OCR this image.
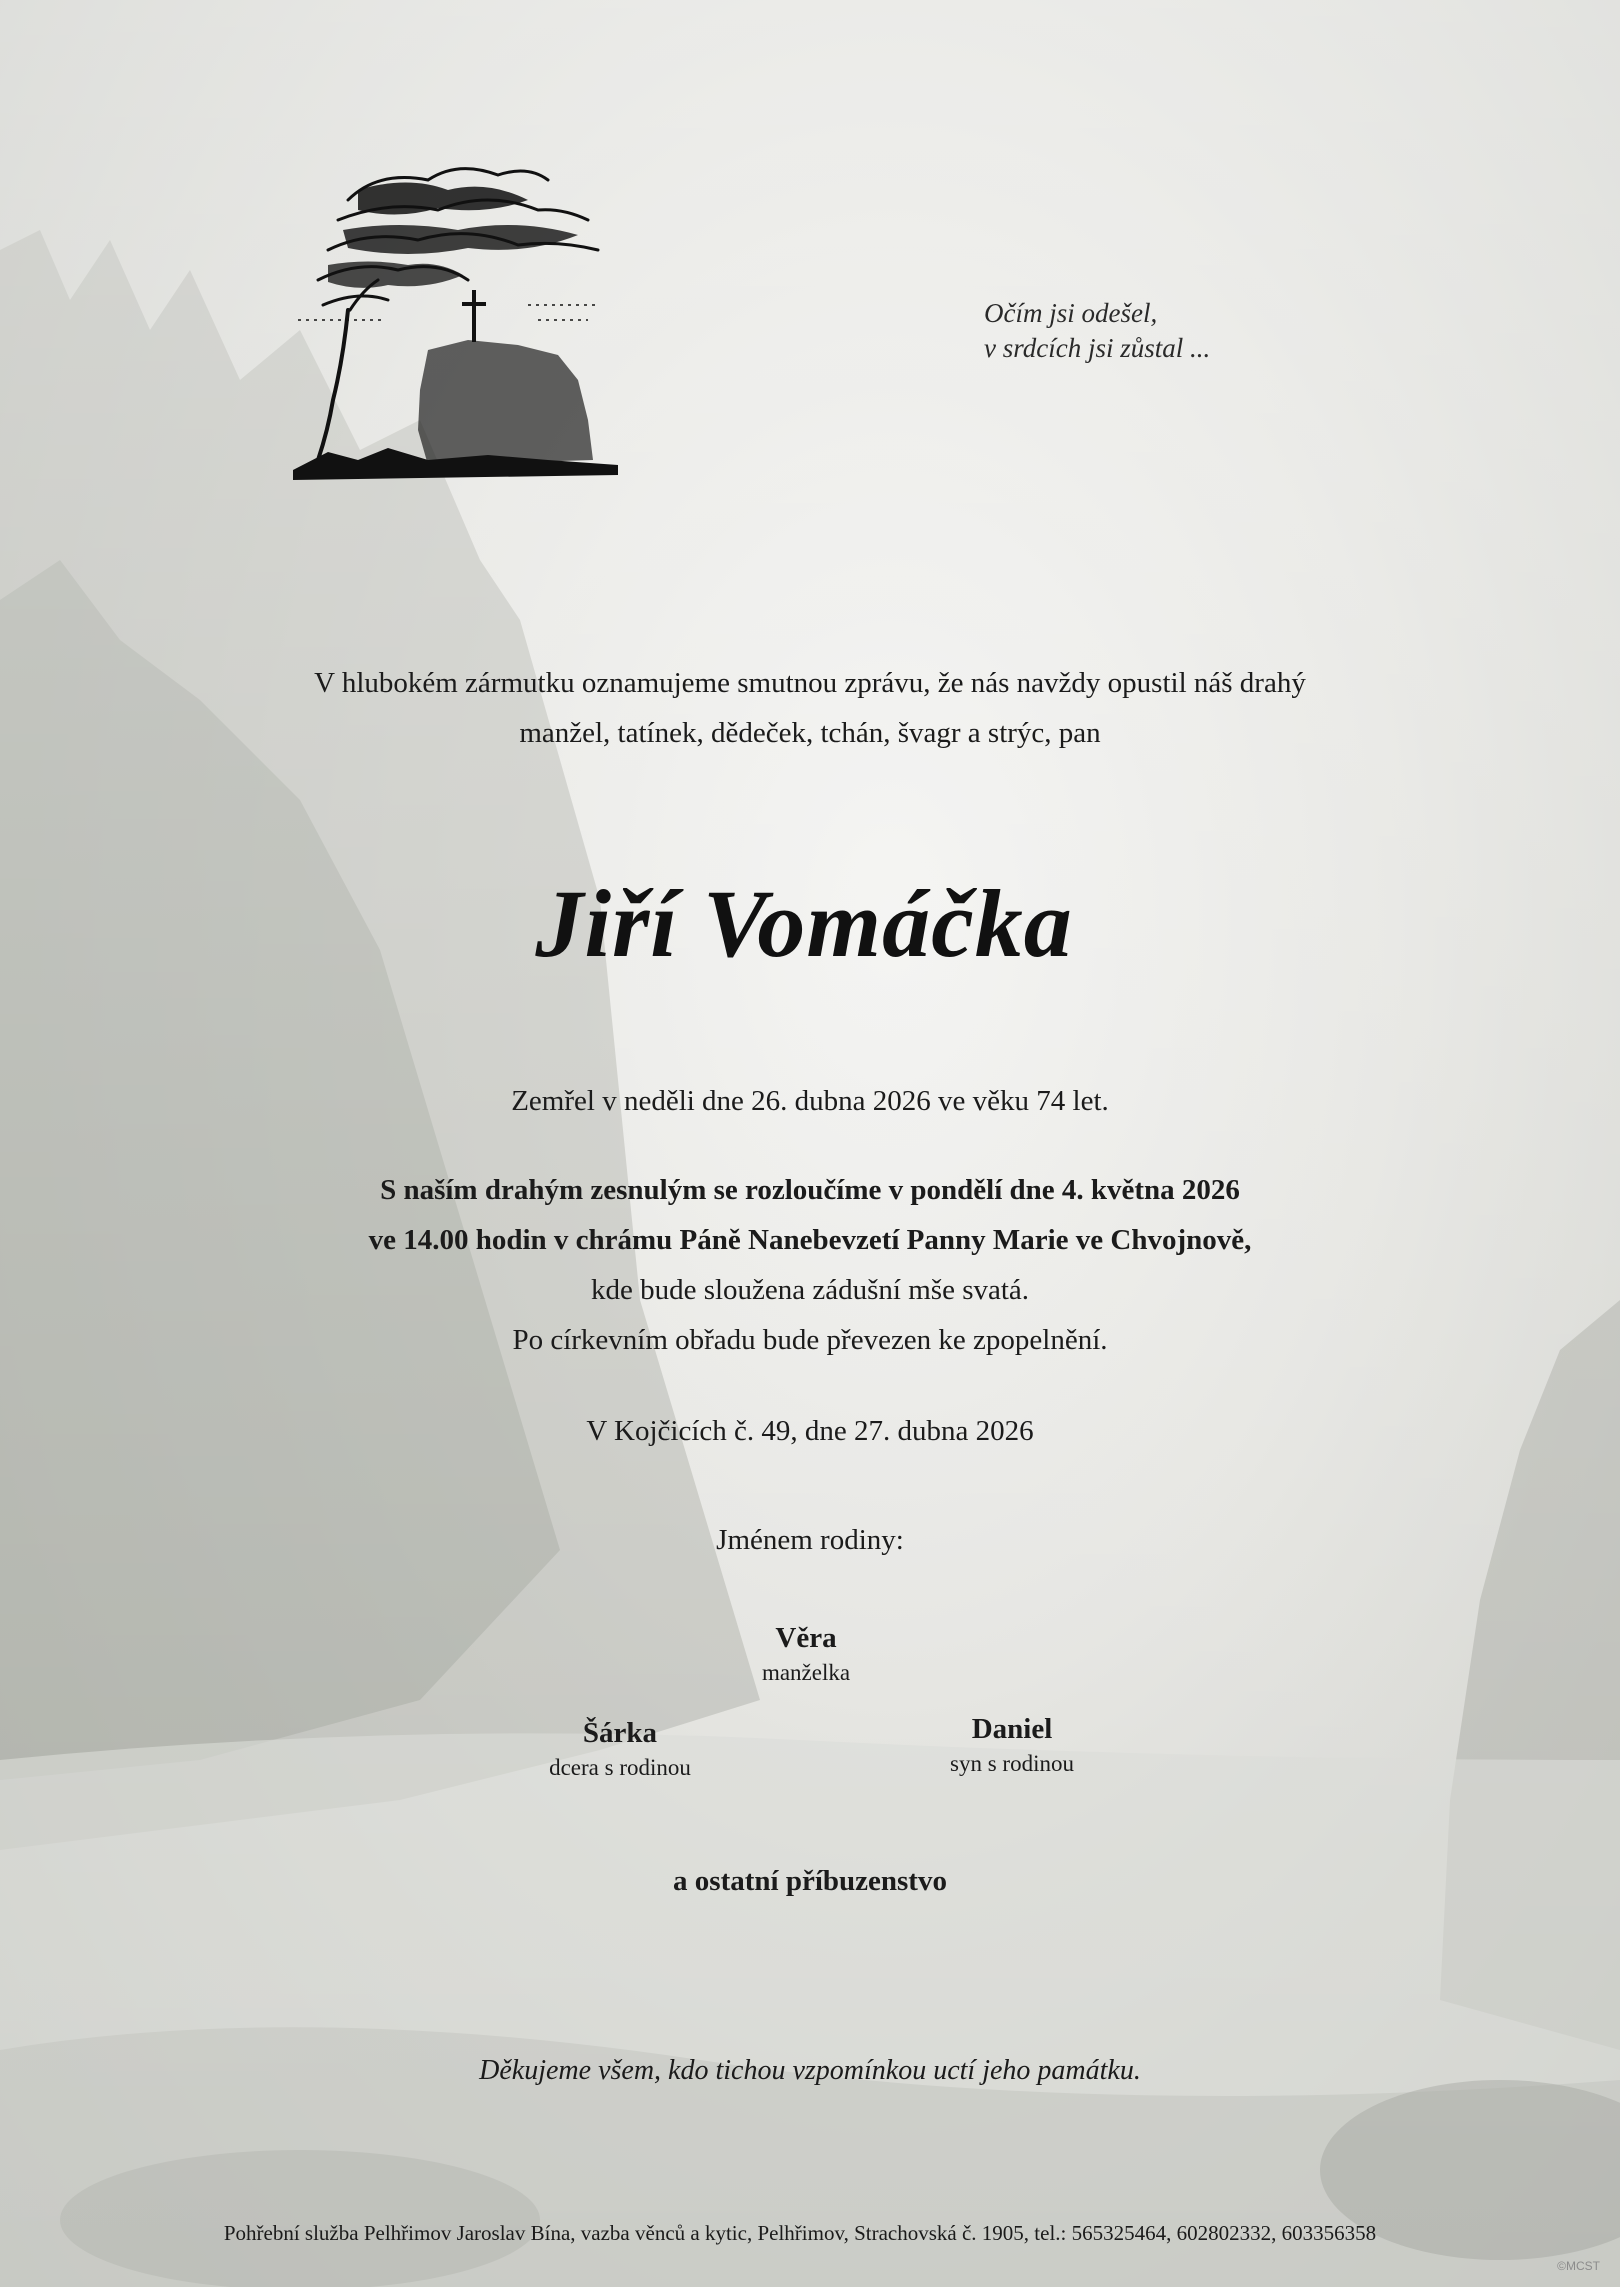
Očím jsi odešel,
v srdcích jsi zůstal ...
V hlubokém zármutku oznamujeme smutnou zprávu, že nás navždy opustil náš drahý
manžel, tatínek, dědeček, tchán, švagr a strýc, pan
Jiří Vomáčka
Zemřel v neděli dne 26. dubna 2026 ve věku 74 let.
S naším drahým zesnulým se rozloučíme v pondělí dne 4. května 2026
ve 14.00 hodin v chrámu Páně Nanebevzetí Panny Marie ve Chvojnově,
kde bude sloužena zádušní mše svatá.
Po církevním obřadu bude převezen ke zpopelnění.
V Kojčicích č. 49, dne 27. dubna 2026
Jménem rodiny:
Věra
manželka
Šárka
dcera s rodinou
Daniel
syn s rodinou
a ostatní příbuzenstvo
Děkujeme všem, kdo tichou vzpomínkou uctí jeho památku.
Pohřební služba Pelhřimov Jaroslav Bína, vazba věnců a kytic, Pelhřimov, Strachovská č. 1905, tel.: 565325464, 602802332, 603356358
©MCST
